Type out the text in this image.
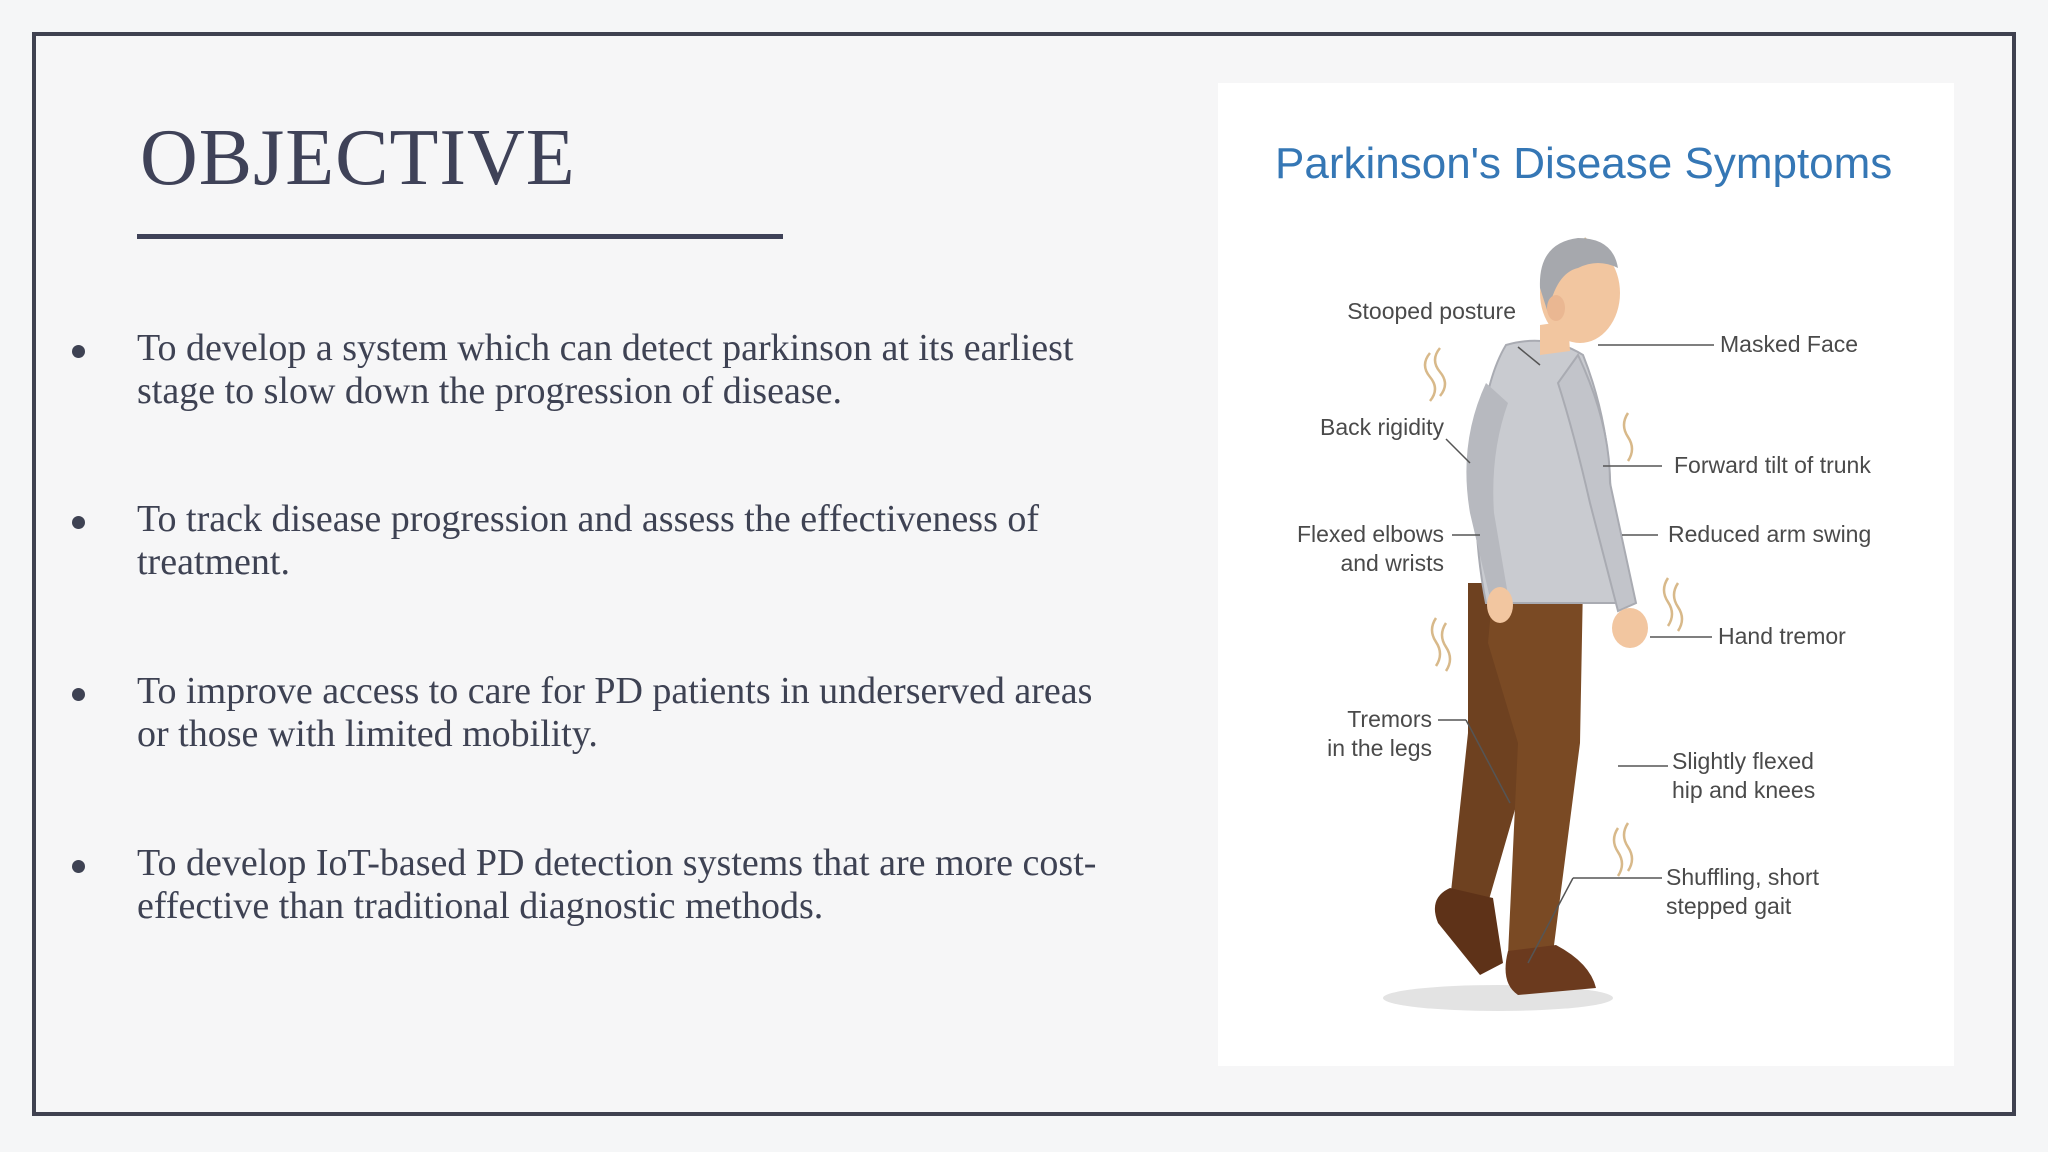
OBJECTIVE
To develop a system which can detect parkinson at its earliest
stage to slow down the progression of disease.
To track disease progression and assess the effectiveness of
treatment.
To improve access to care for PD patients in underserved areas
or those with limited mobility.
To develop IoT-based PD detection systems that are more cost-
effective than traditional diagnostic methods.
Parkinson's Disease Symptoms
Stooped posture
Masked Face
Back rigidity
Forward tilt of trunk
Flexed elbows
and wrists
Reduced arm swing
Hand tremor
Tremors
in the legs	Slightly flexed
hip and knees
Shuffling, short
stepped gait
